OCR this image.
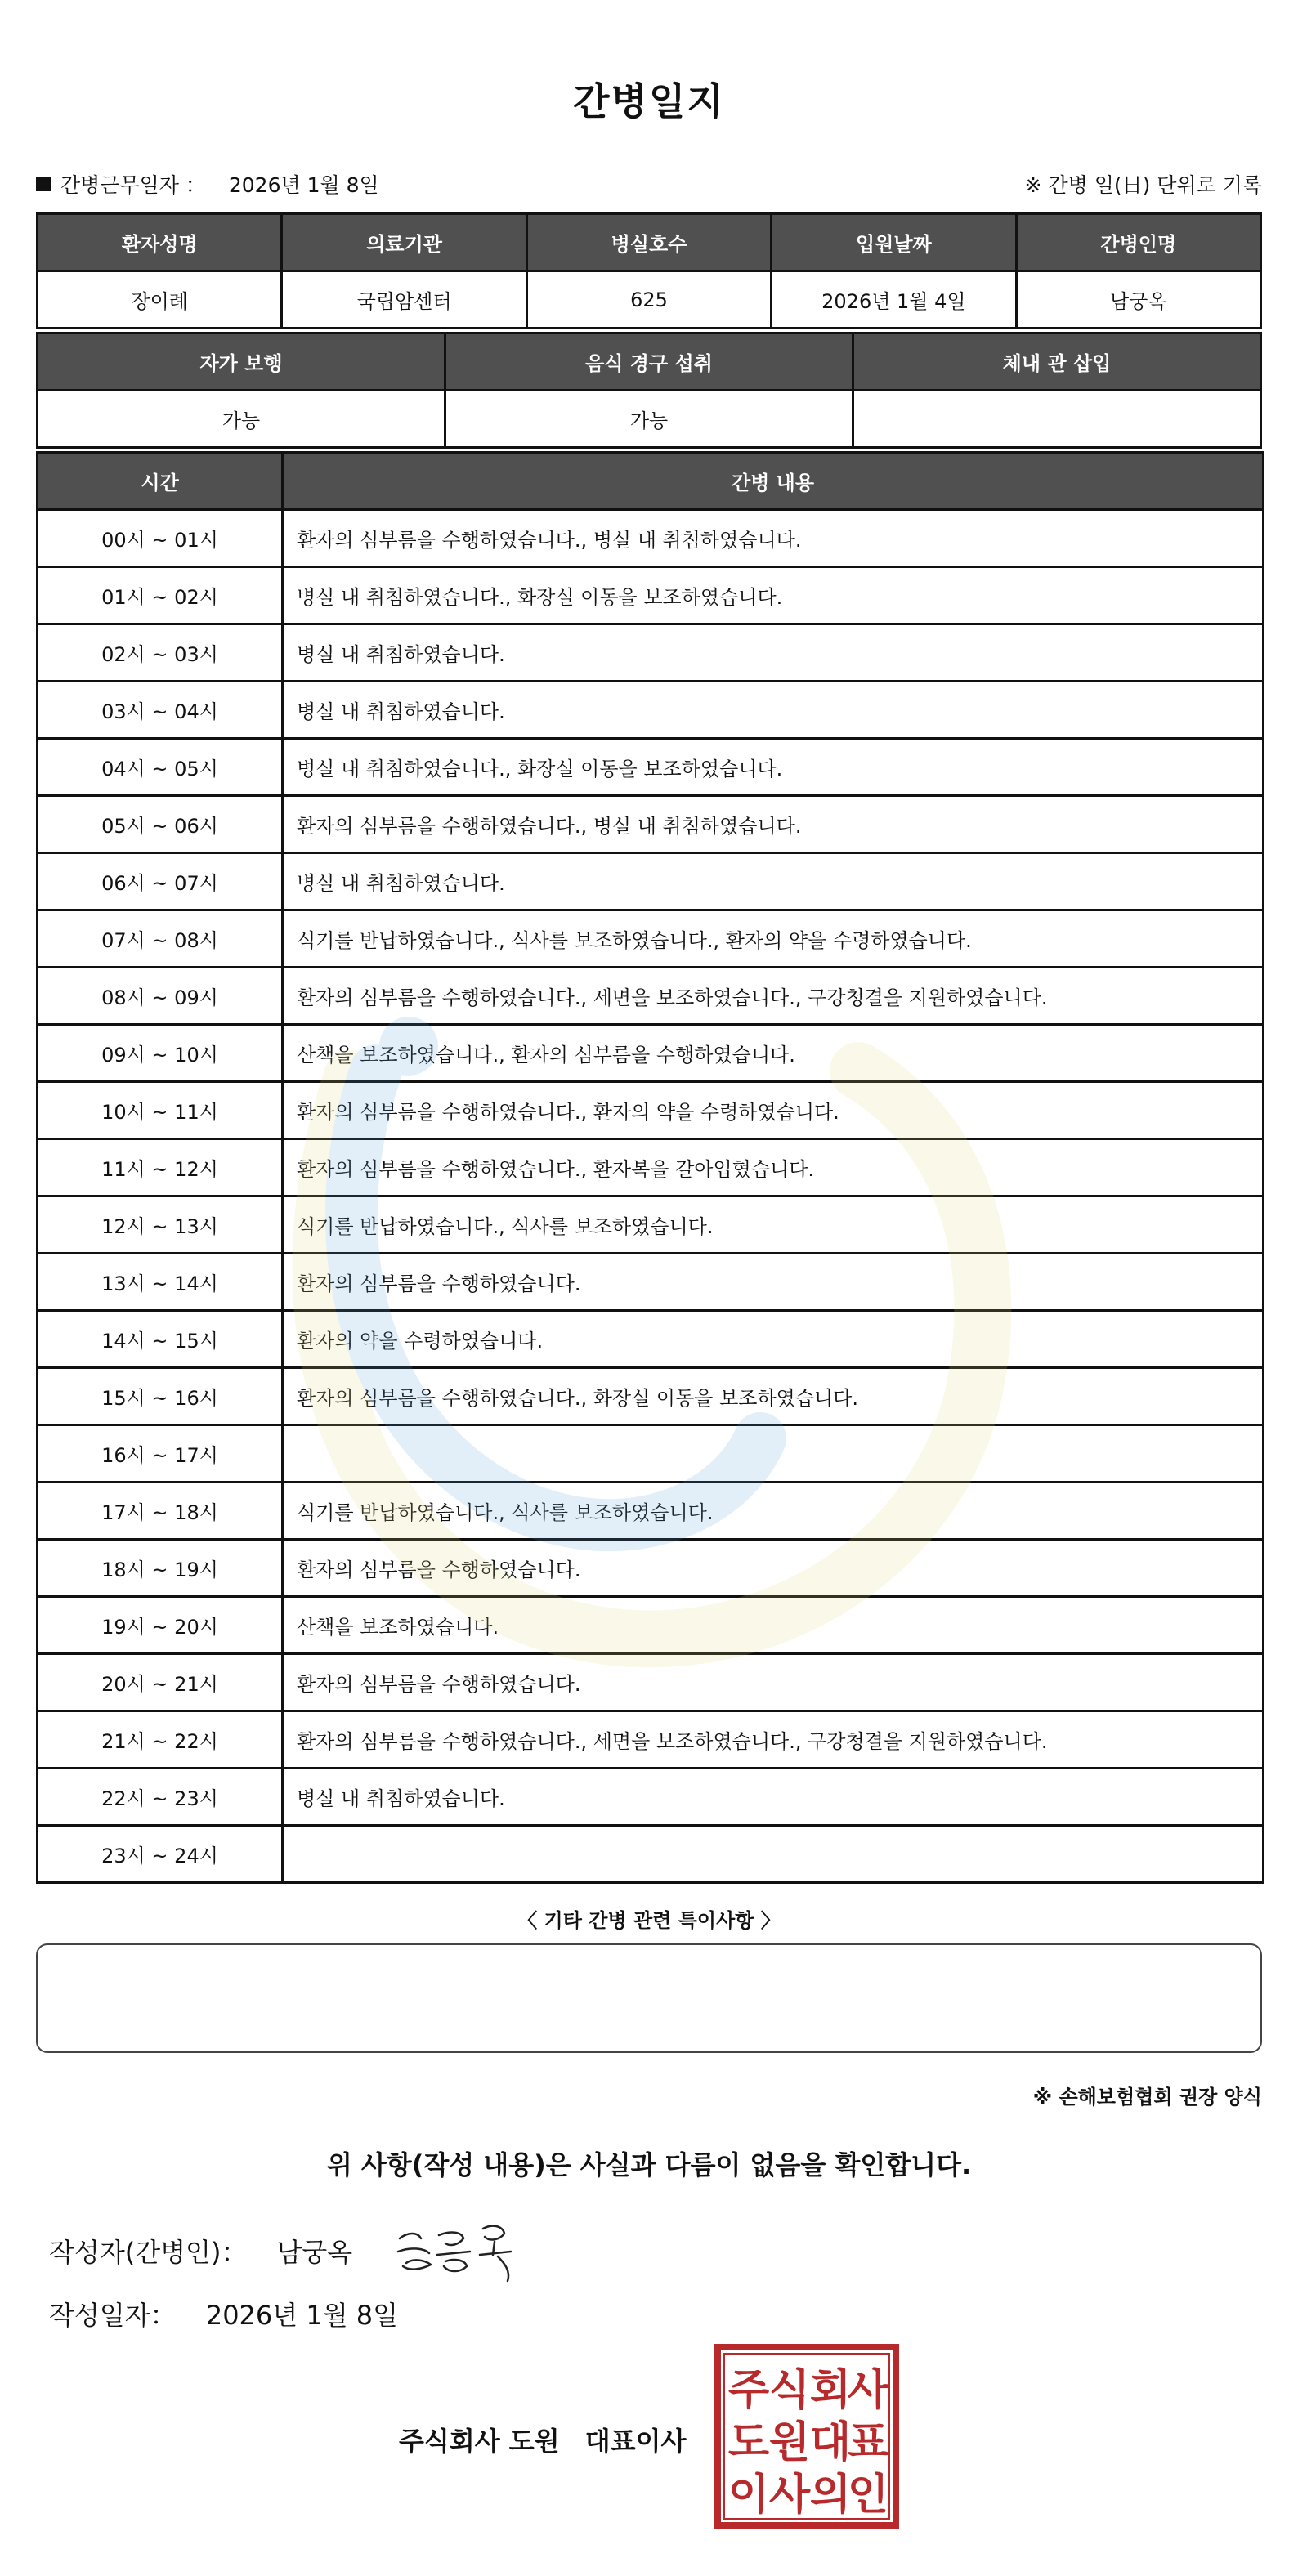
간병일지
간병근무일자 ： 2026년 1월 8일	※ 간병 일(日) 단위로 기록
환자성명	의료기관	병실호수	입원날짜	간병인명
장이례	국립암센터	625	2026년 1월 4일	남궁옥
자가 보행	음식 경구 섭취	체내 관 삽입
가능	가능	
시간	간병 내용
00시 ~ 01시	환자의 심부름을 수행하였습니다., 병실 내 취침하였습니다.
01시 ~ 02시	병실 내 취침하였습니다., 화장실 이동을 보조하였습니다.
02시 ~ 03시	병실 내 취침하였습니다.
03시 ~ 04시	병실 내 취침하였습니다.
04시 ~ 05시	병실 내 취침하였습니다., 화장실 이동을 보조하였습니다.
05시 ~ 06시	환자의 심부름을 수행하였습니다., 병실 내 취침하였습니다.
06시 ~ 07시	병실 내 취침하였습니다.
07시 ~ 08시	식기를 반납하였습니다., 식사를 보조하였습니다., 환자의 약을 수령하였습니다.
08시 ~ 09시	환자의 심부름을 수행하였습니다., 세면을 보조하였습니다., 구강청결을 지원하였습니다.
09시 ~ 10시	산책을 보조하였습니다., 환자의 심부름을 수행하였습니다.
10시 ~ 11시	환자의 심부름을 수행하였습니다., 환자의 약을 수령하였습니다.
11시 ~ 12시	환자의 심부름을 수행하였습니다., 환자복을 갈아입혔습니다.
12시 ~ 13시	식기를 반납하였습니다., 식사를 보조하였습니다.
13시 ~ 14시	환자의 심부름을 수행하였습니다.
14시 ~ 15시	환자의 약을 수령하였습니다.
15시 ~ 16시	환자의 심부름을 수행하였습니다., 화장실 이동을 보조하였습니다.
16시 ~ 17시	
17시 ~ 18시	식기를 반납하였습니다., 식사를 보조하였습니다.
18시 ~ 19시	환자의 심부름을 수행하였습니다.
19시 ~ 20시	산책을 보조하였습니다.
20시 ~ 21시	환자의 심부름을 수행하였습니다.
21시 ~ 22시	환자의 심부름을 수행하였습니다., 세면을 보조하였습니다., 구강청결을 지원하였습니다.
22시 ~ 23시	병실 내 취침하였습니다.
23시 ~ 24시	
〈 기타 간병 관련 특이사항 〉
※ 손해보험협회 권장 양식
위 사항(작성 내용)은 사실과 다름이 없음을 확인합니다.
작성자(간병인)： 남궁옥
작성일자： 2026년 1월 8일
주식회사 도원 대표이사
주 식 회
사
도 원 대
표
이 사 의
인
